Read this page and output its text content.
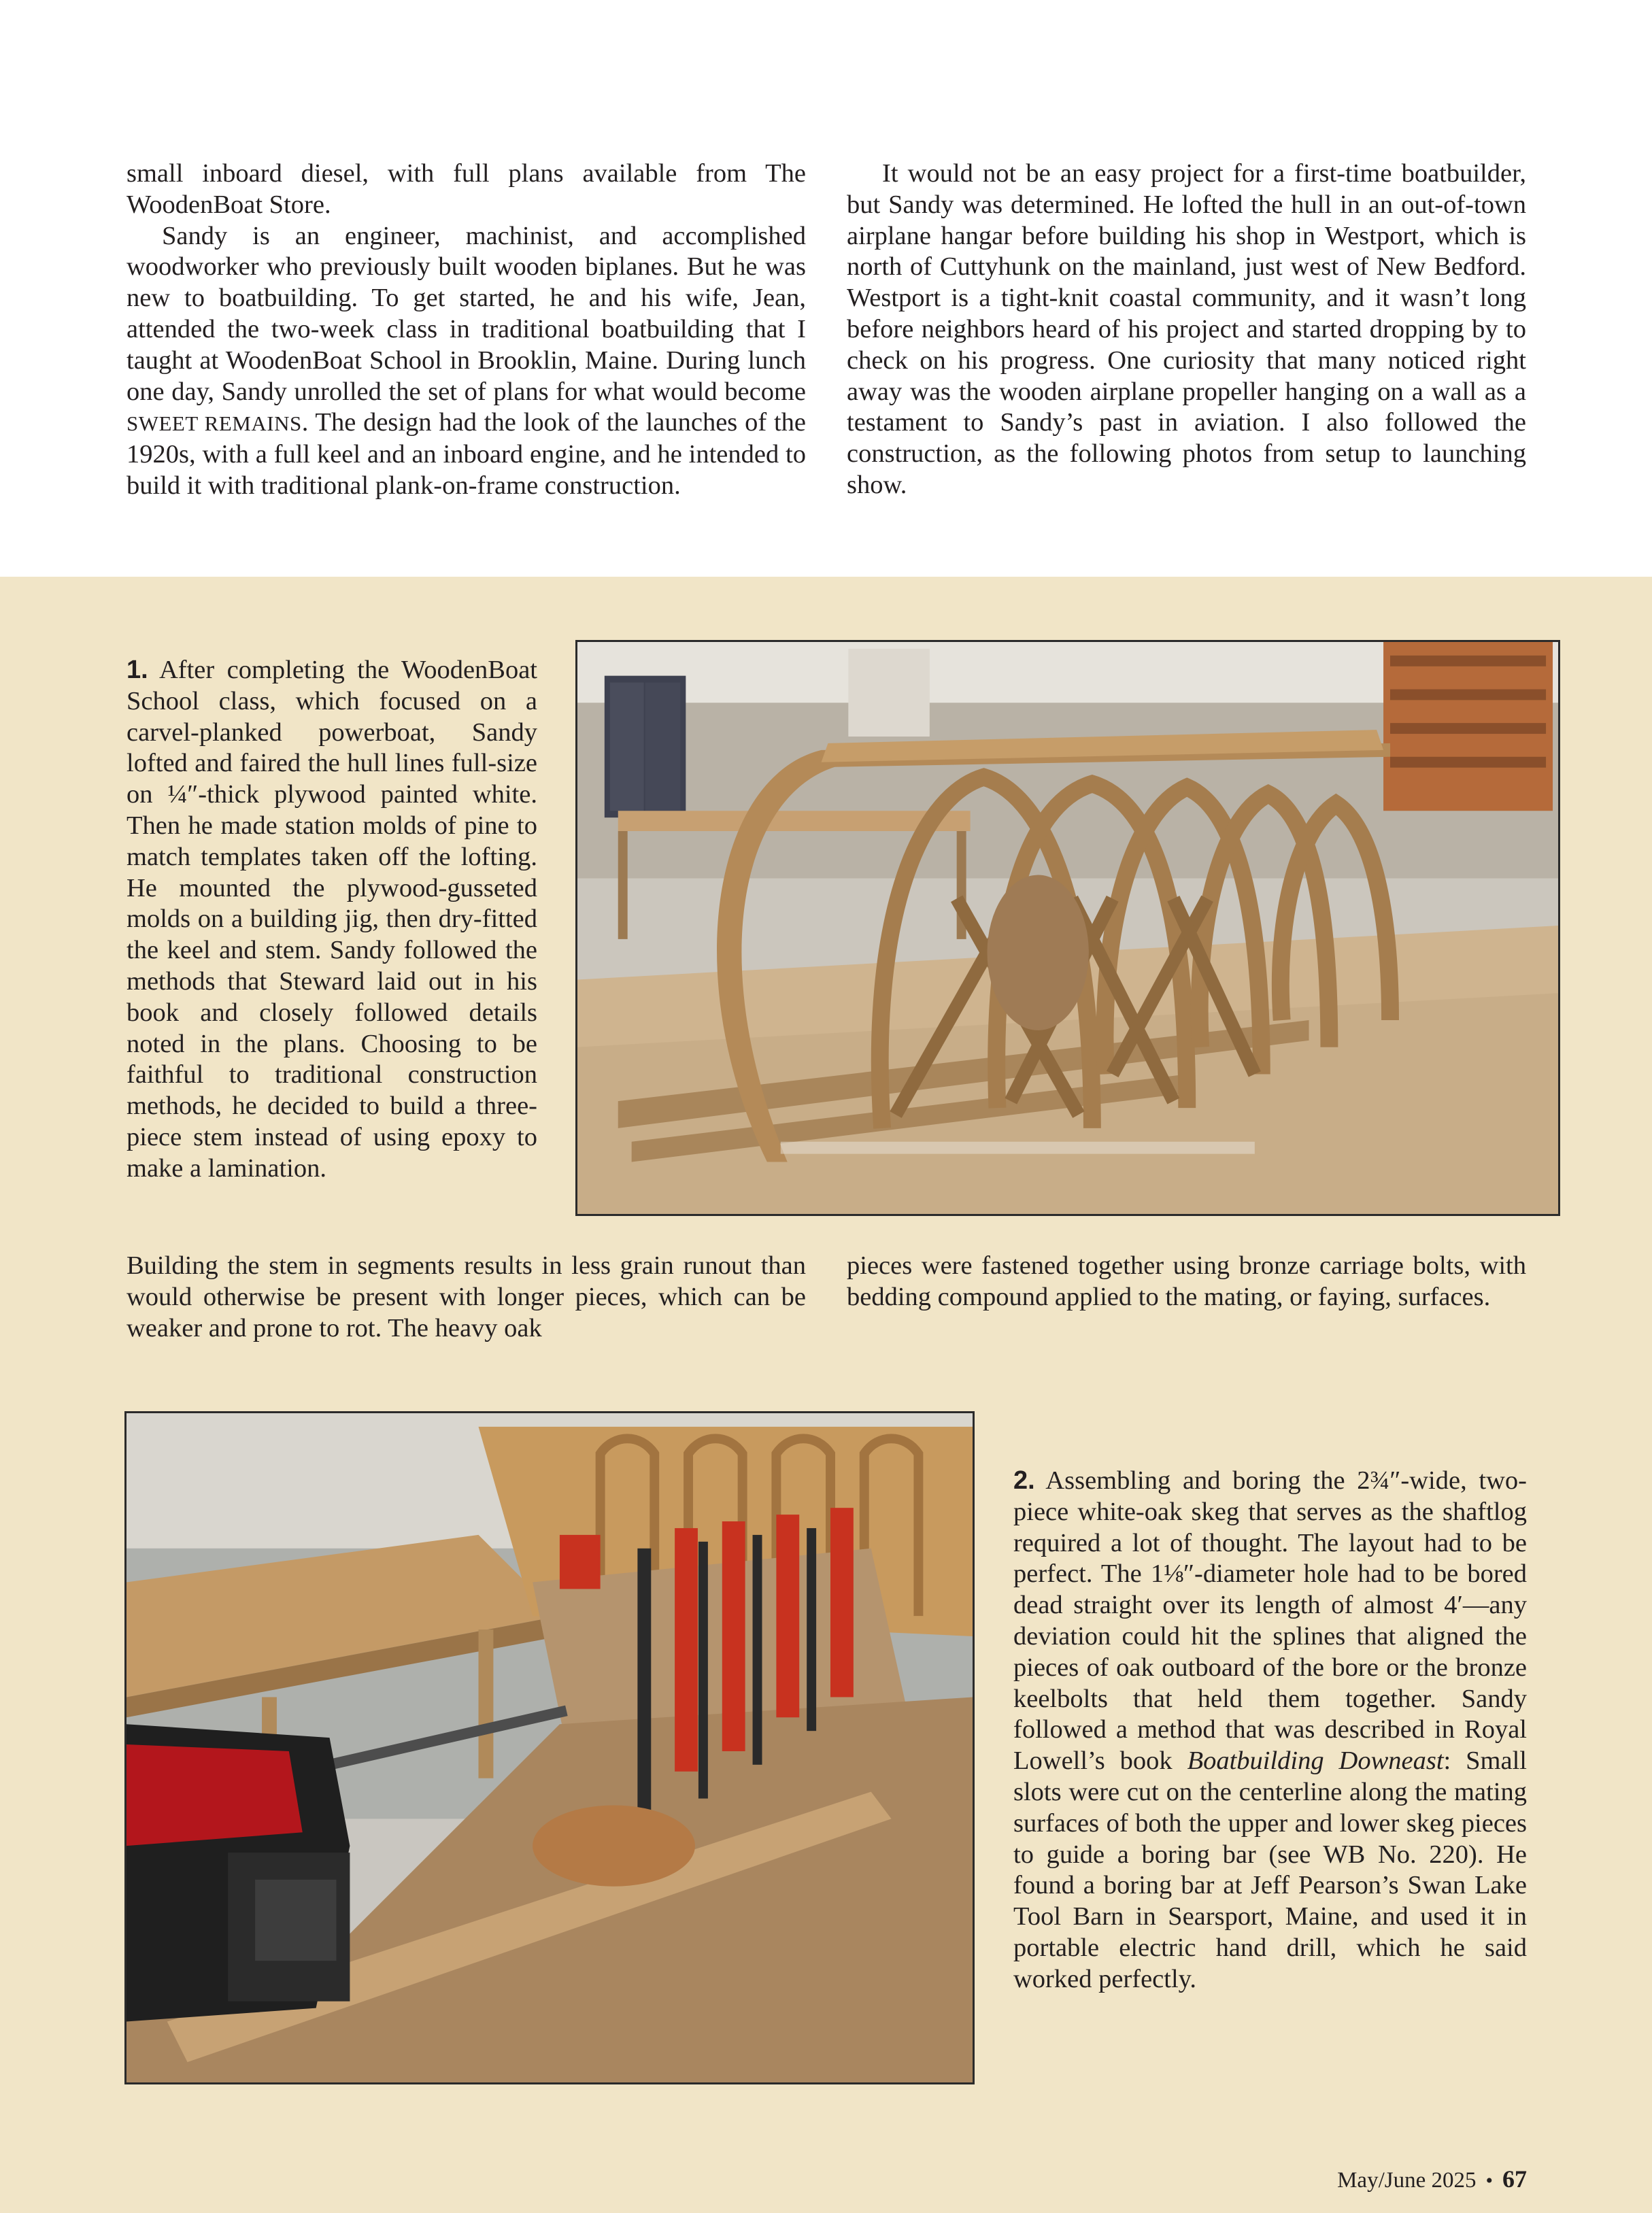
small inboard diesel, with full plans available from The WoodenBoat Store.

Sandy is an engineer, machinist, and accomplished woodworker who previously built wooden biplanes. But he was new to boatbuilding. To get started, he and his wife, Jean, attended the two-week class in traditional boatbuilding that I taught at WoodenBoat School in Brooklin, Maine. During lunch one day, Sandy unrolled the set of plans for what would become SWEET REMAINS. The design had the look of the launches of the 1920s, with a full keel and an inboard engine, and he intended to build it with traditional plank-on-frame construction.

It would not be an easy project for a first-time boatbuilder, but Sandy was determined. He lofted the hull in an out-of-town airplane hangar before building his shop in Westport, which is north of Cuttyhunk on the mainland, just west of New Bedford. Westport is a tight-knit coastal community, and it wasn’t long before neighbors heard of his project and started dropping by to check on his progress. One curiosity that many noticed right away was the wooden airplane propeller hanging on a wall as a testament to Sandy’s past in aviation. I also followed the construction, as the following photos from setup to launching show.

1. After completing the WoodenBoat School class, which focused on a carvel-planked powerboat, Sandy lofted and faired the hull lines full-size on ¼″-thick plywood painted white. Then he made station molds of pine to match templates taken off the lofting. He mounted the plywood-gusseted molds on a building jig, then dry-fitted the keel and stem. Sandy followed the methods that Steward laid out in his book and closely followed details noted in the plans. Choosing to be faithful to traditional construction methods, he decided to build a three-piece stem instead of using epoxy to make a lamination.

Building the stem in segments results in less grain runout than would otherwise be present with longer pieces, which can be weaker and prone to rot. The heavy oak

pieces were fastened together using bronze carriage bolts, with bedding compound applied to the mating, or faying, surfaces.

2. Assembling and boring the 2¾″-wide, two-piece white-oak skeg that serves as the shaftlog required a lot of thought. The layout had to be perfect. The 1⅛″-diameter hole had to be bored dead straight over its length of almost 4′—any deviation could hit the splines that aligned the pieces of oak outboard of the bore or the bronze keelbolts that held them together. Sandy followed a method that was described in Royal Lowell’s book Boatbuilding Downeast: Small slots were cut on the centerline along the mating surfaces of both the upper and lower skeg pieces to guide a boring bar (see WB No. 220). He found a boring bar at Jeff Pearson’s Swan Lake Tool Barn in Searsport, Maine, and used it in portable electric hand drill, which he said worked perfectly.

May/June 2025 • 67
